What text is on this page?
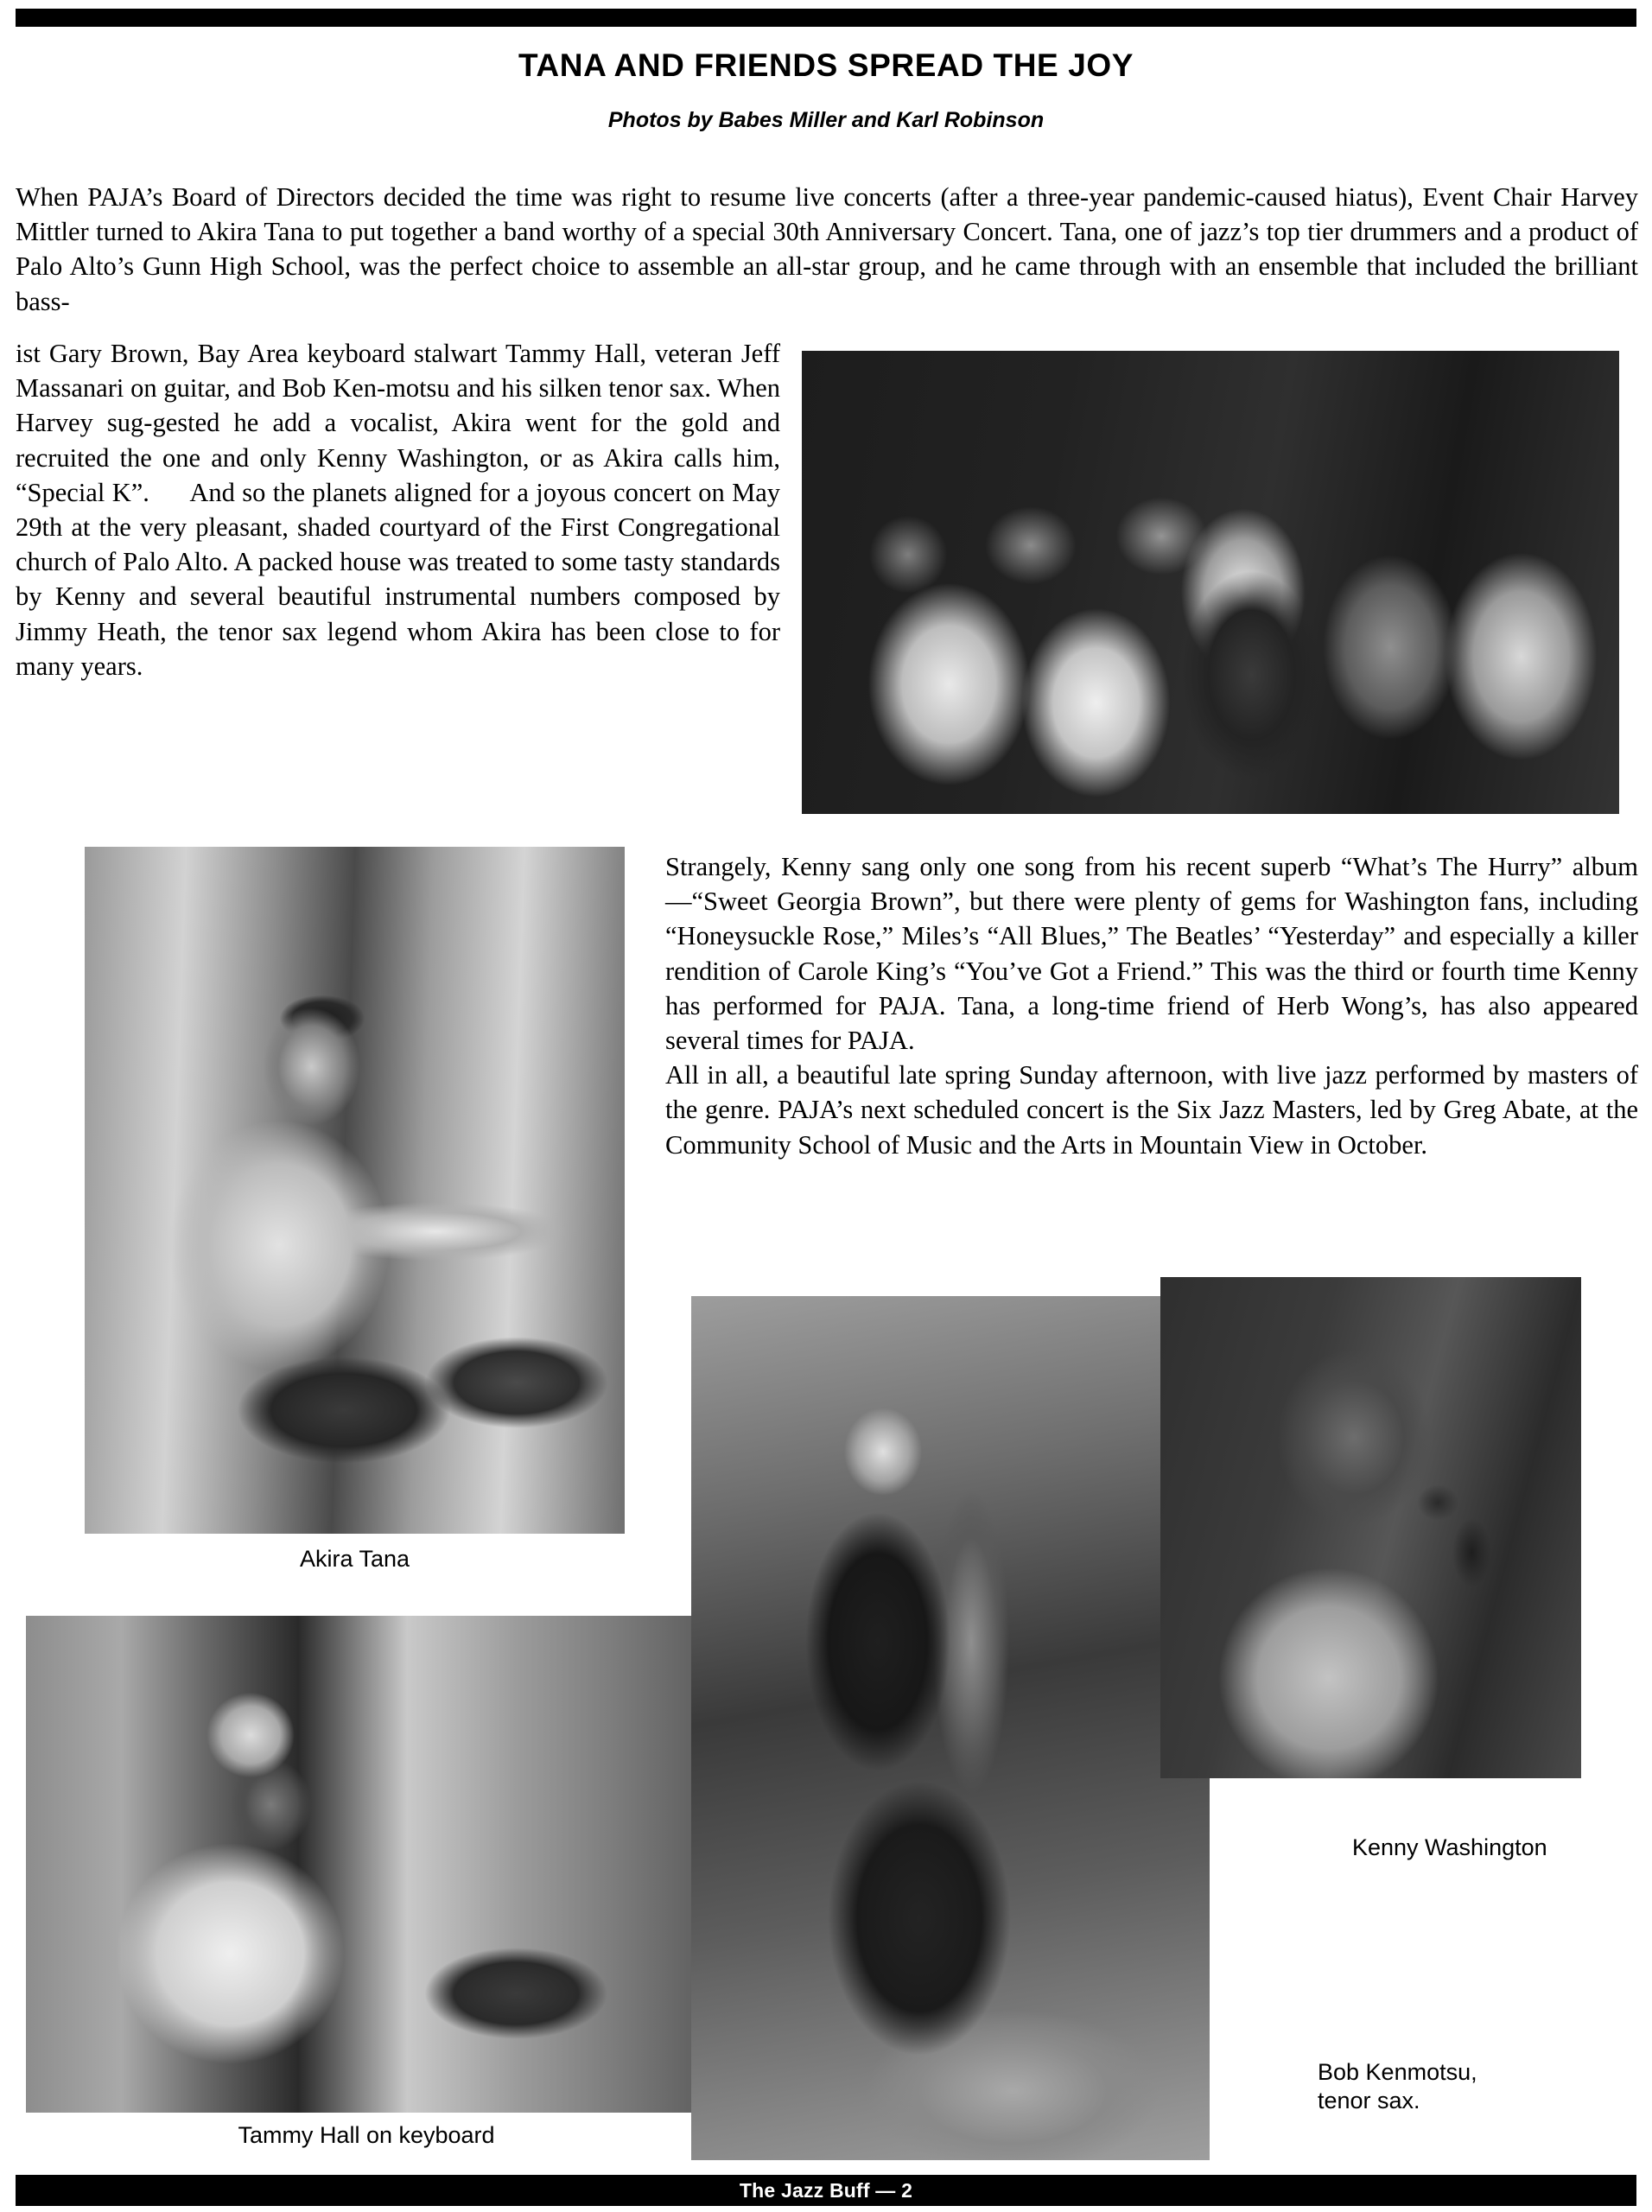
TANA AND FRIENDS SPREAD THE JOY
Photos by Babes Miller and Karl Robinson
When PAJA’s Board of Directors decided the time was right to resume live concerts (after a three-year pandemic-caused hiatus), Event Chair Harvey Mittler turned to Akira Tana to put together a band worthy of a special 30th Anniversary Concert. Tana, one of jazz’s top tier drummers and a product of Palo Alto’s Gunn High School, was the perfect choice to assemble an all-star group, and he came through with an ensemble that included the brilliant bass-
ist Gary Brown, Bay Area keyboard stalwart Tammy Hall, veteran Jeff Massanari on guitar, and Bob Ken-motsu and his silken tenor sax. When Harvey sug-gested he add a vocalist, Akira went for the gold and recruited the one and only Kenny Washington, or as Akira calls him, “Special K”. And so the planets aligned for a joyous concert on May 29th at the very pleasant, shaded courtyard of the First Congregational church of Palo Alto. A packed house was treated to some tasty standards by Kenny and several beautiful instrumental numbers composed by Jimmy Heath, the tenor sax legend whom Akira has been close to for many years.
Strangely, Kenny sang only one song from his recent superb “What’s The Hurry” album—“Sweet Georgia Brown”, but there were plenty of gems for Washington fans, including “Honeysuckle Rose,” Miles’s “All Blues,” The Beatles’ “Yesterday” and especially a killer rendition of Carole King’s “You’ve Got a Friend.” This was the third or fourth time Kenny has performed for PAJA. Tana, a long-time friend of Herb Wong’s, has also appeared several times for PAJA.
All in all, a beautiful late spring Sunday afternoon, with live jazz performed by masters of the genre. PAJA’s next scheduled concert is the Six Jazz Masters, led by Greg Abate, at the Community School of Music and the Arts in Mountain View in October.
Akira Tana
Tammy Hall on keyboard
Kenny Washington
Bob Kenmotsu,
tenor sax.
The Jazz Buff — 2
